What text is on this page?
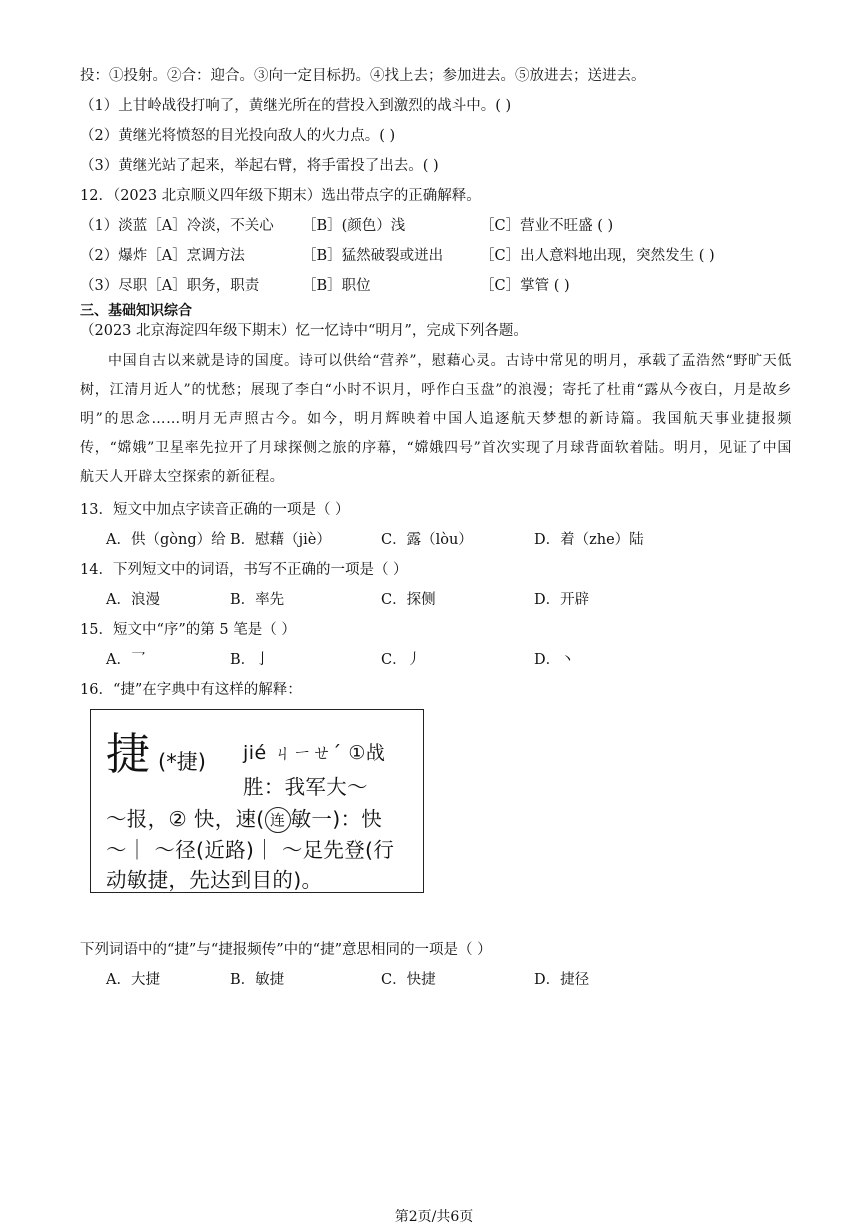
投：①投射。②合：迎合。③向一定目标扔。④找上去；参加进去。⑤放进去；送进去。
（1）上甘岭战役打响了，黄继光所在的营投入到激烈的战斗中。( )
（2）黄继光将愤怒的目光投向敌人的火力点。( )
（3）黄继光站了起来，举起右臂，将手雷投了出去。( )
12．（2023 北京顺义四年级下期末）选出带点字的正确解释。
（1）淡蓝［A］冷淡，不关心 ［B］(颜色）浅	［C］营业不旺盛 ( )
（2）爆炸［A］烹调方法	［B］猛然破裂或迸出	［C］出人意料地出现，突然发生 ( )
（3）尽职［A］职务，职责	［B］职位	［C］掌管 ( )
三、基础知识综合
（2023 北京海淀四年级下期末）忆一忆诗中“明月”，完成下列各题。
中国自古以来就是诗的国度。诗可以供给“营养”，慰藉心灵。古诗中常见的明月，承载了孟浩然“野旷天低树，江清月近人”的忧愁；展现了李白“小时不识月，呼作白玉盘”的浪漫；寄托了杜甫“露从今夜白，月是故乡明”的思念……明月无声照古今。如今，明月辉映着中国人追逐航天梦想的新诗篇。我国航天事业捷报频传，“嫦娥”卫星率先拉开了月球探侧之旅的序幕，“嫦娥四号”首次实现了月球背面软着陆。明月，见证了中国航天人开辟太空探索的新征程。
13．短文中加点字读音正确的一项是（ ）
A．供（gòng）给 B．慰藉（jiè）	C．露（lòu）	D．着（zhe）陆
14．下列短文中的词语，书写不正确的一项是（ ）
A．浪漫	B．率先	C．探侧	D．开辟
15．短文中“序”的第 5 笔是（ ）
A．乛	B．亅	C．丿	D．丶
16．“捷”在字典中有这样的解释：
捷 (*捷) jié ㄐㄧㄝˊ ①战
胜：我军大～
～报，② 快，速( 连 敏一)：快
～｜ ～径(近路)｜ ～足先登(行
动敏捷，先达到目的)。
下列词语中的“捷”与“捷报频传”中的“捷”意思相同的一项是（ ）
A．大捷	B．敏捷	C．快捷	D．捷径
第2页/共6页
